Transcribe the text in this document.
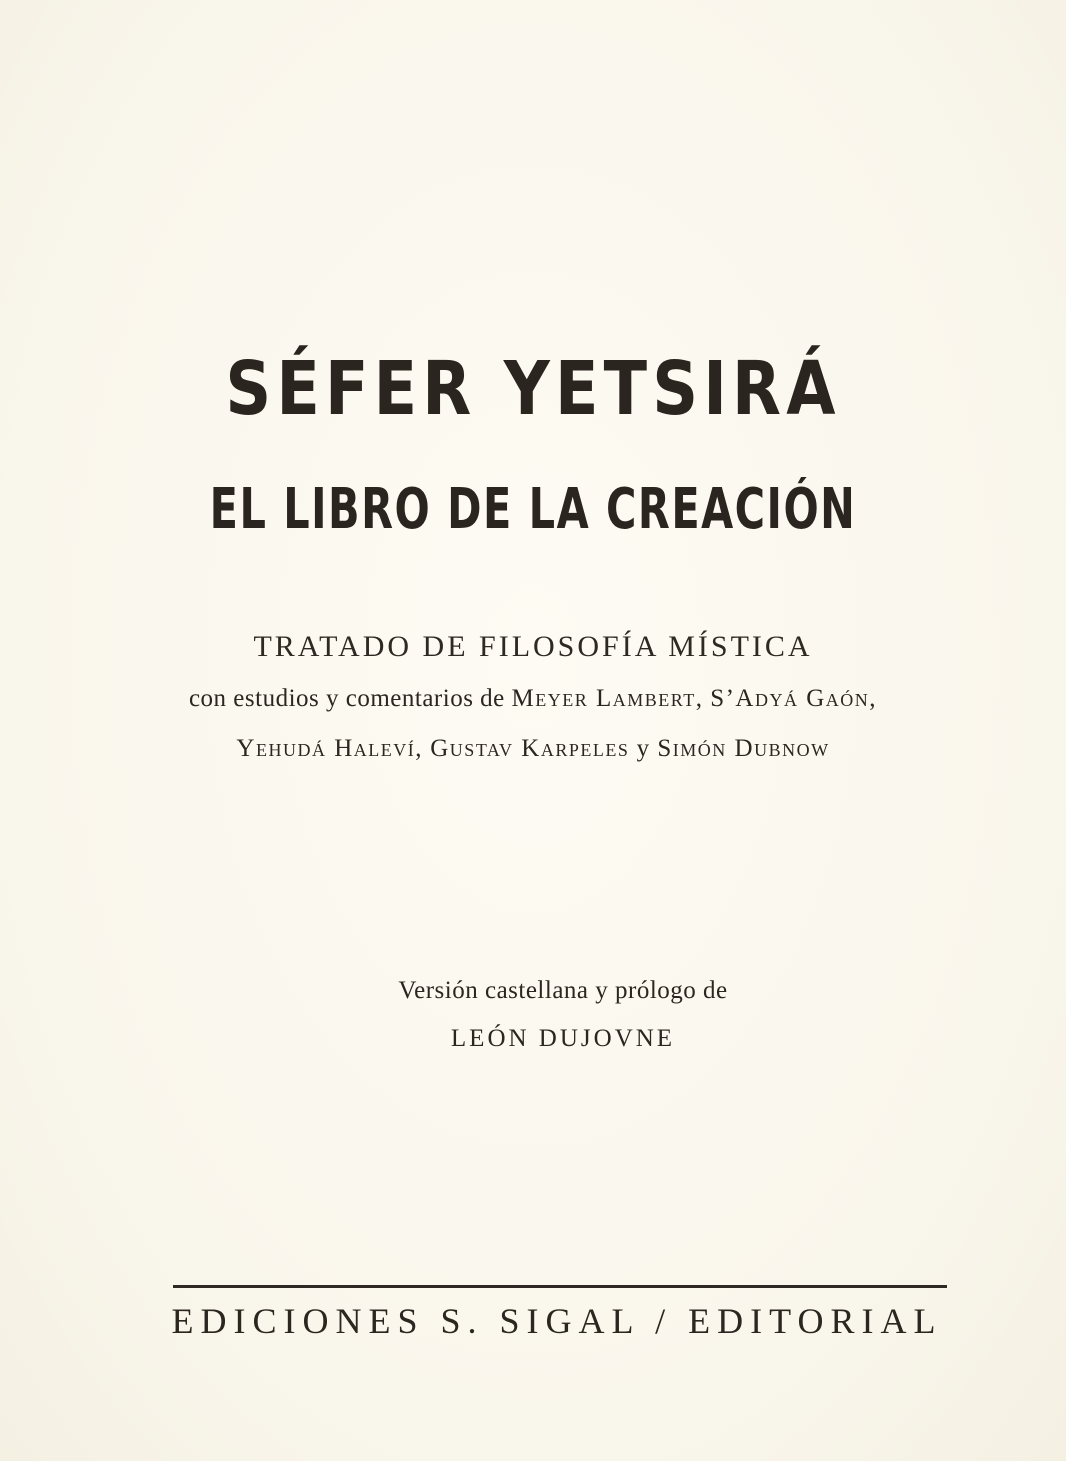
SÉFER YETSIRÁ
EL LIBRO DE LA CREACIÓN
TRATADO DE FILOSOFÍA MÍSTICA
con estudios y comentarios de Meyer Lambert, S’Adyá Gaón,
Yehudá Haleví, Gustav Karpeles y Simón Dubnow
Versión castellana y prólogo de
LEÓN DUJOVNE
EDICIONES S. SIGAL / EDITORIAL
